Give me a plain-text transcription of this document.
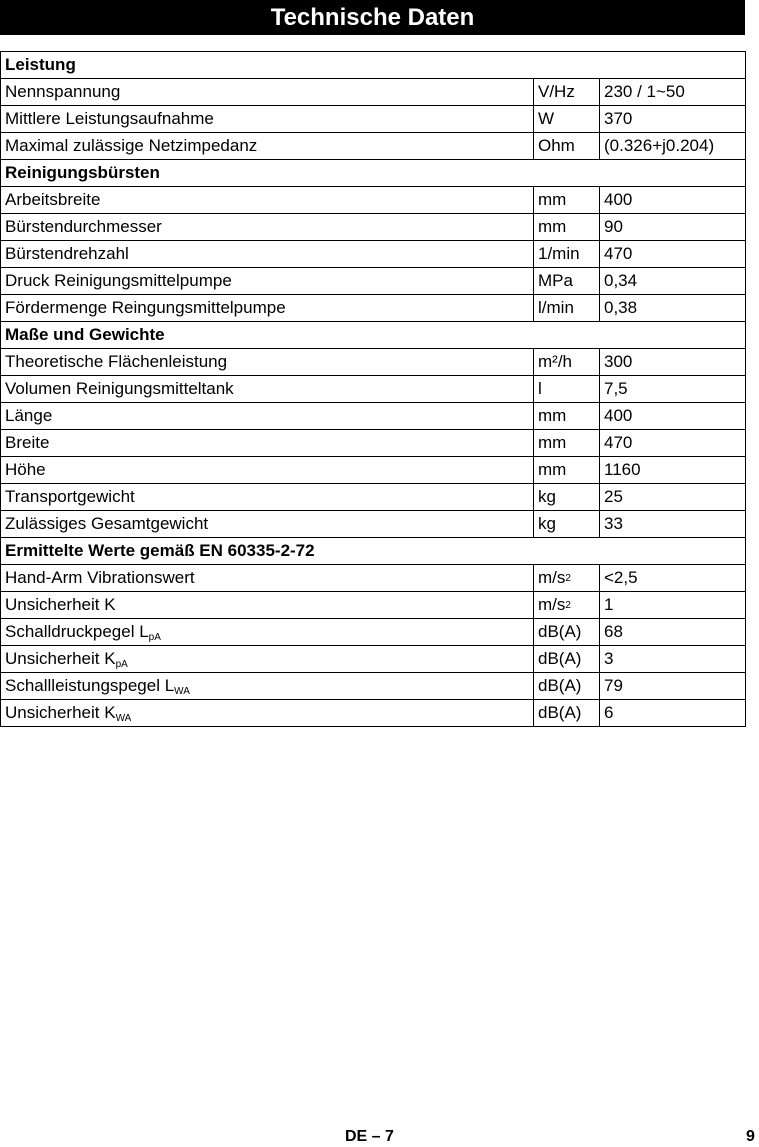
Technische Daten
Leistung		
Nennspannung	V/Hz	230 / 1~50
Mittlere Leistungsaufnahme	W	370
Maximal zulässige Netzimpedanz	Ohm	(0.326+j0.204)
Reinigungsbürsten		
Arbeitsbreite	mm	400
Bürstendurchmesser	mm	90
Bürstendrehzahl	1/min	470
Druck Reinigungsmittelpumpe	MPa	0,34
Fördermenge Reingungsmittelpumpe	l/min	0,38
Maße und Gewichte		
Theoretische Flächenleistung	m²/h	300
Volumen Reinigungsmitteltank	l	7,5
Länge	mm	400
Breite	mm	470
Höhe	mm	1160
Transportgewicht	kg	25
Zulässiges Gesamtgewicht	kg	33
Ermittelte Werte gemäß EN 60335-2-72		
Hand-Arm Vibrationswert	$m/s^2$	<2,5
Unsicherheit K	$m/s^2$	1
Schalldruckpegel $L_{pA}$	dB(A)	68
Unsicherheit $K_{pA}$	dB(A)	3
Schallleistungspegel $L_{WA}$	dB(A)	79
Unsicherheit $K_{WA}$	dB(A)	6
DE – 7	9
